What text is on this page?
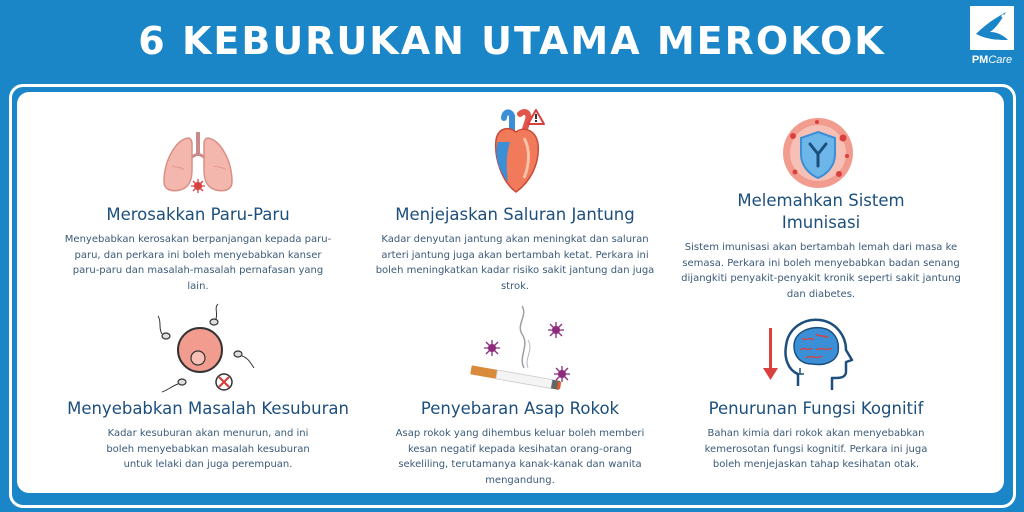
6 KEBURUKAN UTAMA MEROKOK	PMCare
Merosakkan Paru-Paru

Menyebabkan kerosakan berpanjangan kepada paru-paru, dan perkara ini boleh menyebabkan kanser paru-paru dan masalah-masalah pernafasan yang lain.

Menjejaskan Saluran Jantung

Kadar denyutan jantung akan meningkat dan saluran arteri jantung juga akan bertambah ketat. Perkara ini boleh meningkatkan kadar risiko sakit jantung dan juga strok.

Melemahkan Sistem Imunisasi

Sistem imunisasi akan bertambah lemah dari masa ke semasa. Perkara ini boleh menyebabkan badan senang dijangkiti penyakit-penyakit kronik seperti sakit jantung dan diabetes.

Menyebabkan Masalah Kesuburan

Kadar kesuburan akan menurun, and ini boleh menyebabkan masalah kesuburan untuk lelaki dan juga perempuan.

Penyebaran Asap Rokok

Asap rokok yang dihembus keluar boleh memberi kesan negatif kepada kesihatan orang-orang sekeliling, terutamanya kanak-kanak dan wanita mengandung.

Penurunan Fungsi Kognitif

Bahan kimia dari rokok akan menyebabkan kemerosotan fungsi kognitif. Perkara ini juga boleh menjejaskan tahap kesihatan otak.
